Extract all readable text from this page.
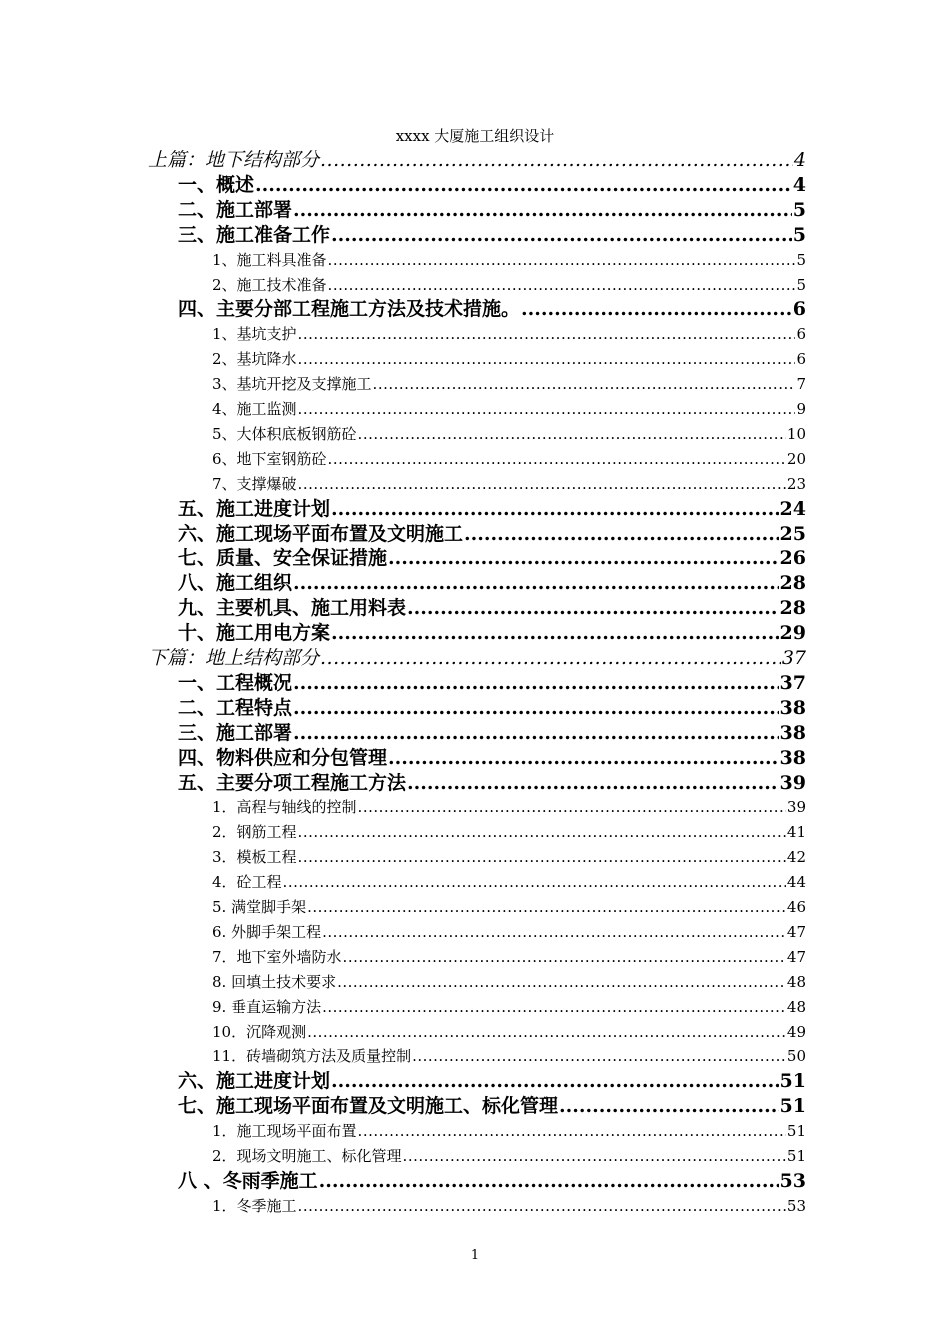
xxxx 大厦施工组织设计
上篇：地下结构部分 .....	4
一、概述 .....	4
二、施工部署 .....	5
三、施工准备工作 .....	5
1、施工料具准备 .....	5
2、施工技术准备 .....	5
四、主要分部工程施工方法及技术措施。 .....	6
1、基坑支护 .....	6
2、基坑降水 .....	6
3、基坑开挖及支撑施工 .....	7
4、施工监测 .....	9
5、大体积底板钢筋砼 .....	10
6、地下室钢筋砼 .....	20
7、支撑爆破 .....	23
五、施工进度计划 .....	24
六、施工现场平面布置及文明施工 .....	25
七、质量、安全保证措施 .....	26
八、施工组织 .....	28
九、主要机具、施工用料表 .....	28
十、施工用电方案 .....	29
下篇：地上结构部分 .....	37
一、工程概况 .....	37
二、工程特点 .....	38
三、施工部署 .....	38
四、物料供应和分包管理 .....	38
五、主要分项工程施工方法 .....	39
1．高程与轴线的控制 .....	39
2．钢筋工程 .....	41
3．模板工程 .....	42
4．砼工程 .....	44
5. 满堂脚手架 .....	46
6. 外脚手架工程 .....	47
7．地下室外墙防水 .....	47
8. 回填土技术要求 .....	48
9. 垂直运输方法 .....	48
10．沉降观测 .....	49
11．砖墙砌筑方法及质量控制 .....	50
六、施工进度计划 .....	51
七、施工现场平面布置及文明施工、标化管理 .....	51
1．施工现场平面布置 .....	51
2．现场文明施工、标化管理 .....	51
八 、冬雨季施工 .....	53
1．冬季施工 .....	53
1
